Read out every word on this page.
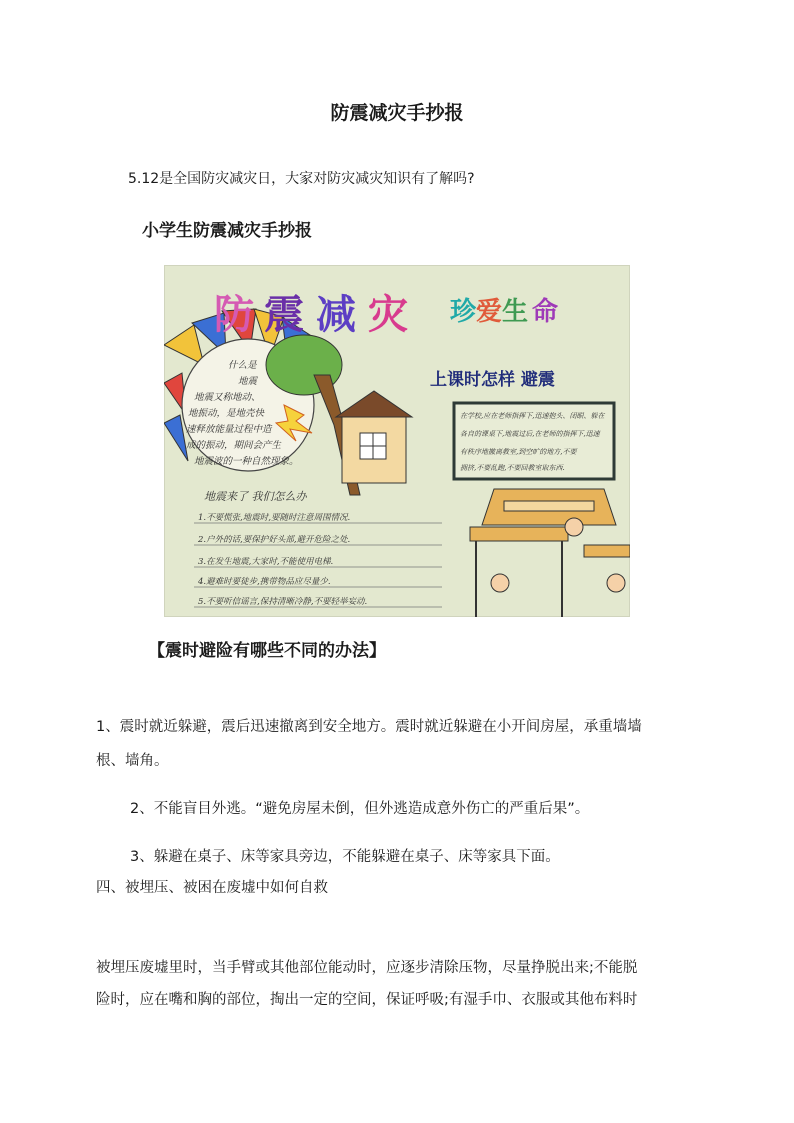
防震减灾手抄报
5.12是全国防灾减灾日，大家对防灾减灾知识有了解吗?
小学生防震减灾手抄报
防 震 减 灾 珍 爱 生 命
上课时怎样 避震
什么是
地震
地震又称地动、
地振动，是地壳快
速释放能量过程中造
成的振动，期间会产生
地震波的一种自然现象。
地震来了 我们怎么办
1.不要慌张,地震时,要随时注意周围情况.
2.户外的话,要保护好头部,避开危险之处.
3.在发生地震,大家时,不能使用电梯.
4.避难时要徒步,携带物品应尽量少.
5.不要听信谣言,保持清晰冷静,不要轻举妄动.
在学校,应在老师指挥下,迅速抱头、闭眼、躲在
各自的课桌下,地震过后,在老师的指挥下,迅速
有秩序地撤离教室,到空旷的地方,不要
拥挤,不要乱跑,不要回教室取东西.
【震时避险有哪些不同的办法】
1、震时就近躲避，震后迅速撤离到安全地方。震时就近躲避在小开间房屋，承重墙墙
根、墙角。
2、不能盲目外逃。“避免房屋未倒，但外逃造成意外伤亡的严重后果”。
3、躲避在桌子、床等家具旁边，不能躲避在桌子、床等家具下面。
四、被埋压、被困在废墟中如何自救
被埋压废墟里时，当手臂或其他部位能动时，应逐步清除压物，尽量挣脱出来;不能脱
险时，应在嘴和胸的部位，掏出一定的空间，保证呼吸;有湿手巾、衣服或其他布料时
